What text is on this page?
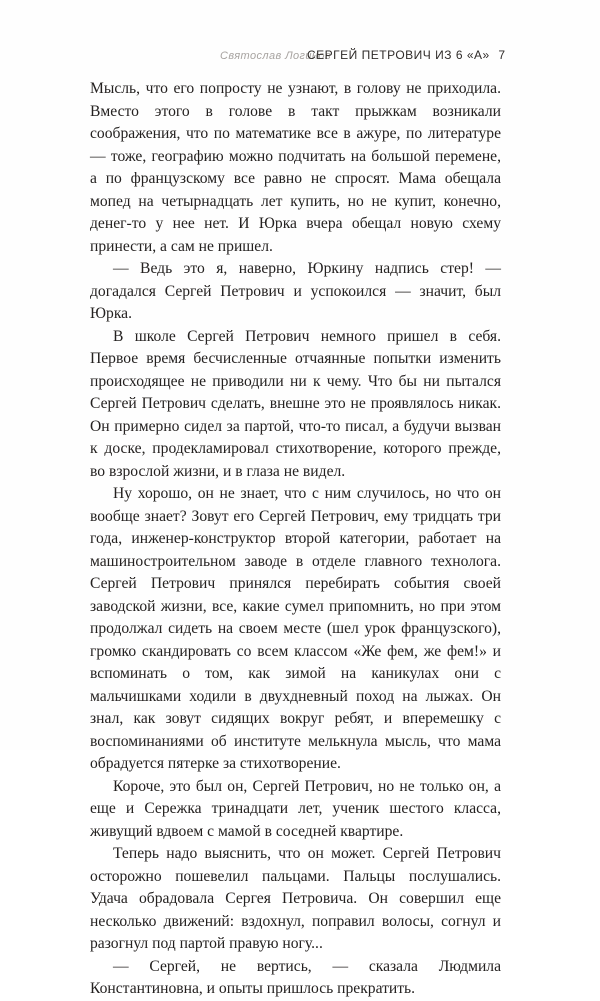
Святослав Логинов
СЕРГЕЙ ПЕТРОВИЧ ИЗ 6 «А» 7

Мысль, что его попросту не узнают, в голову не приходила. Вместо этого в голове в такт прыжкам возникали соображения, что по математике все в ажуре, по литературе — тоже, географию можно подчитать на большой перемене, а по французскому все равно не спросят. Мама обещала мопед на четырнадцать лет купить, но не купит, конечно, денег-то у нее нет. И Юрка вчера обещал новую схему принести, а сам не пришел.

— Ведь это я, наверно, Юркину надпись стер! — догадался Сергей Петрович и успокоился — значит, был Юрка.

В школе Сергей Петрович немного пришел в себя. Первое время бесчисленные отчаянные попытки изменить происходящее не приводили ни к чему. Что бы ни пытался Сергей Петрович сделать, внешне это не проявлялось никак. Он примерно сидел за партой, что-то писал, а будучи вызван к доске, продекламировал стихотворение, которого прежде, во взрослой жизни, и в глаза не видел.

Ну хорошо, он не знает, что с ним случилось, но что он вообще знает? Зовут его Сергей Петрович, ему тридцать три года, инженер-конструктор второй категории, работает на машиностроительном заводе в отделе главного технолога. Сергей Петрович принялся перебирать события своей заводской жизни, все, какие сумел припомнить, но при этом продолжал сидеть на своем месте (шел урок французского), громко скандировать со всем классом «Же фем, же фем!» и вспоминать о том, как зимой на каникулах они с мальчишками ходили в двухдневный поход на лыжах. Он знал, как зовут сидящих вокруг ребят, и вперемешку с воспоминаниями об институте мелькнула мысль, что мама обрадуется пятерке за стихотворение.

Короче, это был он, Сергей Петрович, но не только он, а еще и Сережка тринадцати лет, ученик шестого класса, живущий вдвоем с мамой в соседней квартире.

Теперь надо выяснить, что он может. Сергей Петрович осторожно пошевелил пальцами. Пальцы послушались. Удача обрадовала Сергея Петровича. Он совершил еще несколько движений: вздохнул, поправил волосы, согнул и разогнул под партой правую ногу...

— Сергей, не вертись, — сказала Людмила Константиновна, и опыты пришлось прекратить.
